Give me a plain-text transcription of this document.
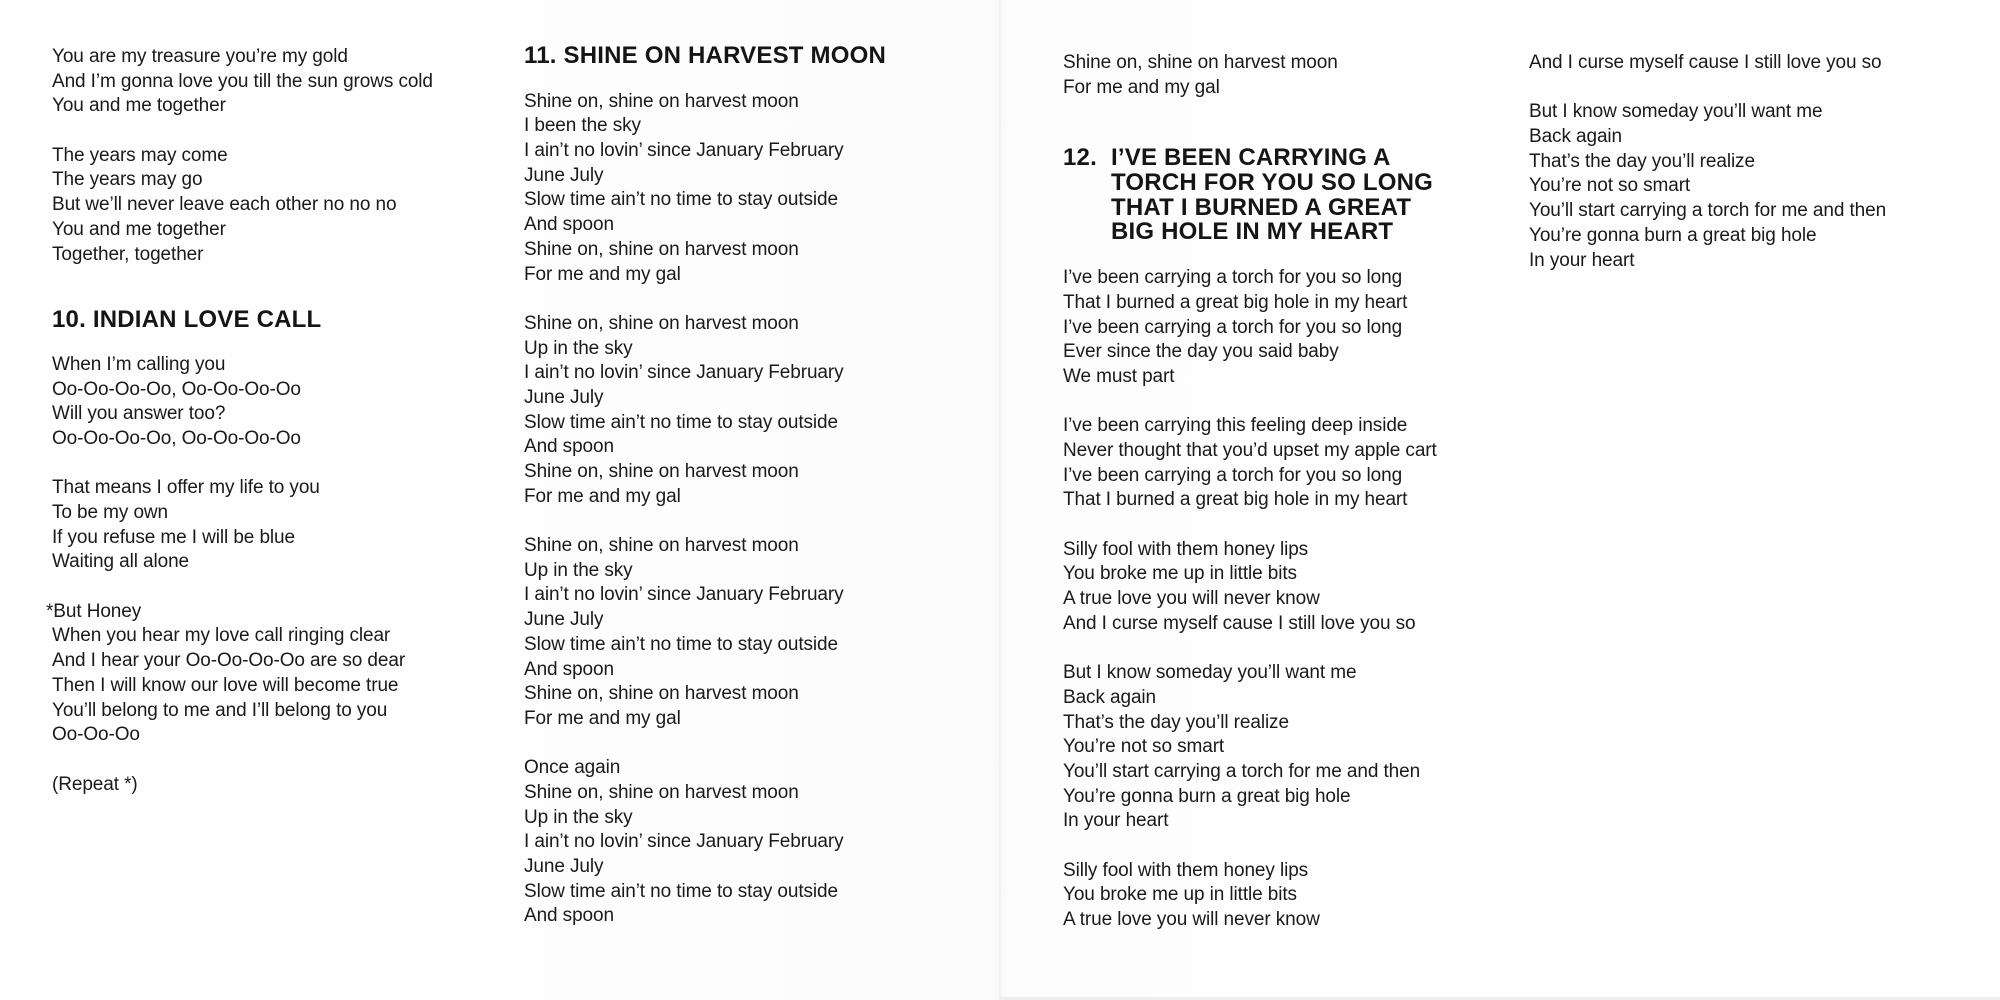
You are my treasure you’re my gold
And I’m gonna love you till the sun grows cold
You and me together
The years may come
The years may go
But we’ll never leave each other no no no
You and me together
Together, together
10. INDIAN LOVE CALL
When I’m calling you
Oo-Oo-Oo-Oo, Oo-Oo-Oo-Oo
Will you answer too?
Oo-Oo-Oo-Oo, Oo-Oo-Oo-Oo
That means I offer my life to you
To be my own
If you refuse me I will be blue
Waiting all alone
*But Honey
When you hear my love call ringing clear
And I hear your Oo-Oo-Oo-Oo are so dear
Then I will know our love will become true
You’ll belong to me and I’ll belong to you
Oo-Oo-Oo
(Repeat *)
11. SHINE ON HARVEST MOON
Shine on, shine on harvest moon
I been the sky
I ain’t no lovin’ since January February
June July
Slow time ain’t no time to stay outside
And spoon
Shine on, shine on harvest moon
For me and my gal
Shine on, shine on harvest moon
Up in the sky
I ain’t no lovin’ since January February
June July
Slow time ain’t no time to stay outside
And spoon
Shine on, shine on harvest moon
For me and my gal
Shine on, shine on harvest moon
Up in the sky
I ain’t no lovin’ since January February
June July
Slow time ain’t no time to stay outside
And spoon
Shine on, shine on harvest moon
For me and my gal
Once again
Shine on, shine on harvest moon
Up in the sky
I ain’t no lovin’ since January February
June July
Slow time ain’t no time to stay outside
And spoon
Shine on, shine on harvest moon
For me and my gal
12. I’VE BEEN CARRYING A
TORCH FOR YOU SO LONG
THAT I BURNED A GREAT
BIG HOLE IN MY HEART
I’ve been carrying a torch for you so long
That I burned a great big hole in my heart
I’ve been carrying a torch for you so long
Ever since the day you said baby
We must part
I’ve been carrying this feeling deep inside
Never thought that you’d upset my apple cart
I’ve been carrying a torch for you so long
That I burned a great big hole in my heart
Silly fool with them honey lips
You broke me up in little bits
A true love you will never know
And I curse myself cause I still love you so
But I know someday you’ll want me
Back again
That’s the day you’ll realize
You’re not so smart
You’ll start carrying a torch for me and then
You’re gonna burn a great big hole
In your heart
Silly fool with them honey lips
You broke me up in little bits
A true love you will never know
And I curse myself cause I still love you so
But I know someday you’ll want me
Back again
That’s the day you’ll realize
You’re not so smart
You’ll start carrying a torch for me and then
You’re gonna burn a great big hole
In your heart
